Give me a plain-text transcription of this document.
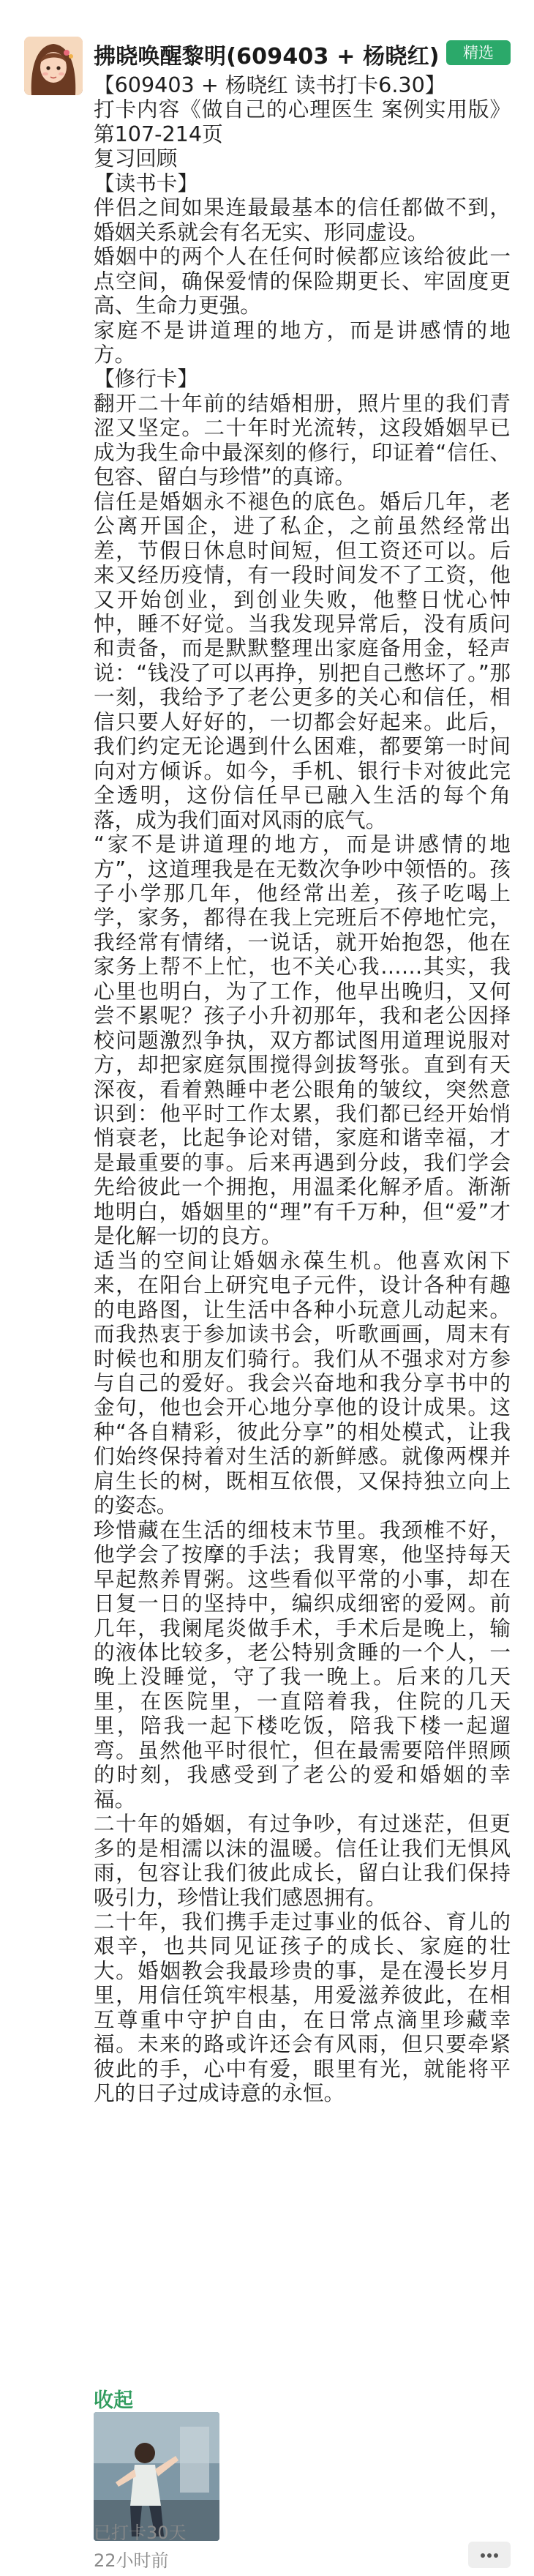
拂晓唤醒黎明(609403 + 杨晓红)	精选

【609403 + 杨晓红 读书打卡6.30】

打卡内容《做自己的心理医生 案例实用版》第107-214页

复习回顾

【读书卡】

伴侣之间如果连最最基本的信任都做不到，婚姻关系就会有名无实、形同虚设。

婚姻中的两个人在任何时候都应该给彼此一点空间，确保爱情的保险期更长、牢固度更高、生命力更强。

家庭不是讲道理的地方，而是讲感情的地方。

【修行卡】

翻开二十年前的结婚相册，照片里的我们青涩又坚定。二十年时光流转，这段婚姻早已成为我生命中最深刻的修行，印证着“信任、包容、留白与珍惜”的真谛。

信任是婚姻永不褪色的底色。婚后几年，老公离开国企，进了私企，之前虽然经常出差，节假日休息时间短，但工资还可以。后来又经历疫情，有一段时间发不了工资，他又开始创业，到创业失败，他整日忧心忡忡，睡不好觉。当我发现异常后，没有质问和责备，而是默默整理出家庭备用金，轻声说：“钱没了可以再挣，别把自己憋坏了。”那一刻，我给予了老公更多的关心和信任，相信只要人好好的，一切都会好起来。此后，我们约定无论遇到什么困难，都要第一时间向对方倾诉。如今，手机、银行卡对彼此完全透明，这份信任早已融入生活的每个角落，成为我们面对风雨的底气。

“家不是讲道理的地方，而是讲感情的地方”，这道理我是在无数次争吵中领悟的。孩子小学那几年，他经常出差，孩子吃喝上学，家务，都得在我上完班后不停地忙完，我经常有情绪，一说话，就开始抱怨，他在家务上帮不上忙，也不关心我……其实，我心里也明白，为了工作，他早出晚归，又何尝不累呢？孩子小升初那年，我和老公因择校问题激烈争执，双方都试图用道理说服对方，却把家庭氛围搅得剑拔弩张。直到有天深夜，看着熟睡中老公眼角的皱纹，突然意识到：他平时工作太累，我们都已经开始悄悄衰老，比起争论对错，家庭和谐幸福，才是最重要的事。后来再遇到分歧，我们学会先给彼此一个拥抱，用温柔化解矛盾。渐渐地明白，婚姻里的“理”有千万种，但“爱”才是化解一切的良方。

适当的空间让婚姻永葆生机。他喜欢闲下来，在阳台上研究电子元件，设计各种有趣的电路图，让生活中各种小玩意儿动起来。而我热衷于参加读书会，听歌画画，周末有时候也和朋友们骑行。我们从不强求对方参与自己的爱好。我会兴奋地和我分享书中的金句，他也会开心地分享他的设计成果。这种“各自精彩，彼此分享”的相处模式，让我们始终保持着对生活的新鲜感。就像两棵并肩生长的树，既相互依偎，又保持独立向上的姿态。

珍惜藏在生活的细枝末节里。我颈椎不好，他学会了按摩的手法；我胃寒，他坚持每天早起熬养胃粥。这些看似平常的小事，却在日复一日的坚持中，编织成细密的爱网。前几年，我阑尾炎做手术，手术后是晚上，输的液体比较多，老公特别贪睡的一个人，一晚上没睡觉，守了我一晚上。后来的几天里，在医院里，一直陪着我，住院的几天里，陪我一起下楼吃饭，陪我下楼一起遛弯。虽然他平时很忙，但在最需要陪伴照顾的时刻，我感受到了老公的爱和婚姻的幸福。

二十年的婚姻，有过争吵，有过迷茫，但更多的是相濡以沫的温暖。信任让我们无惧风雨，包容让我们彼此成长，留白让我们保持吸引力，珍惜让我们感恩拥有。

二十年，我们携手走过事业的低谷、育儿的艰辛，也共同见证孩子的成长、家庭的壮大。婚姻教会我最珍贵的事，是在漫长岁月里，用信任筑牢根基，用爱滋养彼此，在相互尊重中守护自由，在日常点滴里珍藏幸福。未来的路或许还会有风雨，但只要牵紧彼此的手，心中有爱，眼里有光，就能将平凡的日子过成诗意的永恒。

收起
已打卡30天
22小时前
